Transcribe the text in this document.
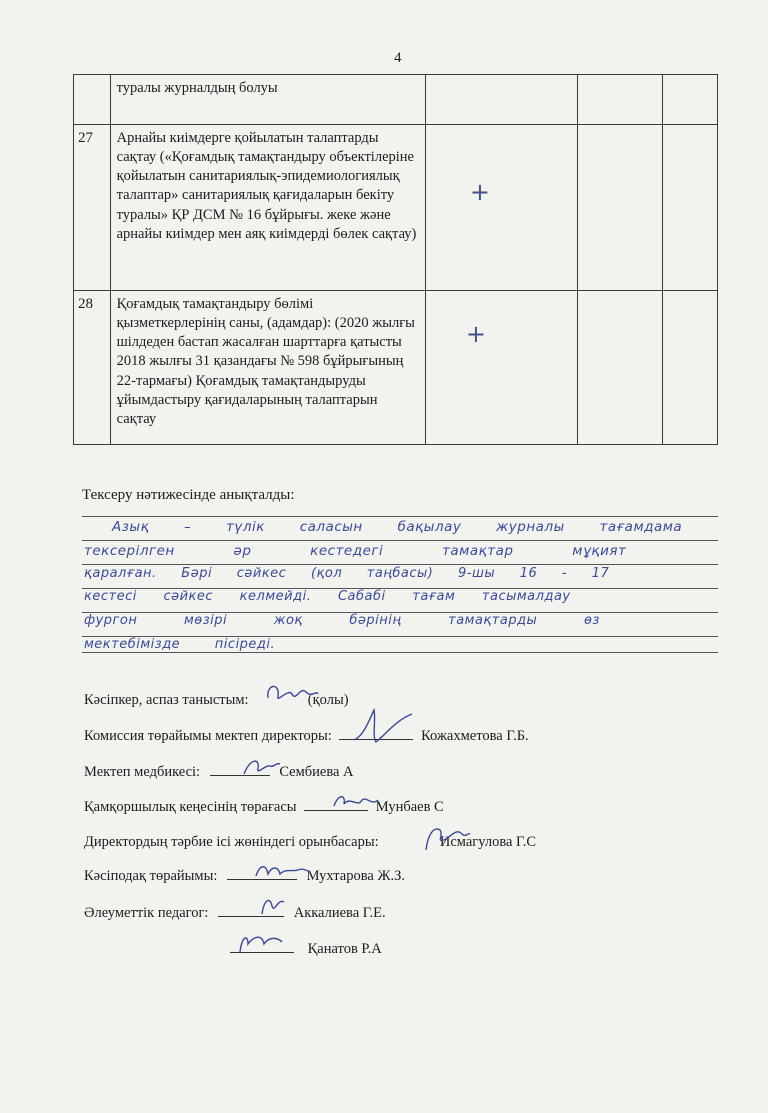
4
	туралы журналдың болуы			
27	Арнайы киімдерге қойылатын талаптарды сақтау («Қоғамдық тамақтандыру объектілеріне қойылатын санитариялық-эпидемиологиялық талаптар» санитариялық қағидаларын бекіту туралы» ҚР ДСМ № 16 бұйрығы. жеке және арнайы киімдер мен аяқ киімдерді бөлек сақтау)	+		
28	Қоғамдық тамақтандыру бөлімі қызметкерлерінің саны, (адамдар): (2020 жылғы шілдеден бастап жасалған шарттарға қатысты 2018 жылғы 31 қазандағы № 598 бұйрығының 22-тармағы) Қоғамдық тамақтандыруды ұйымдастыру қағидаларының талаптарын сақтау	+		
Тексеру нәтижесінде анықталды:
Азық – түлік саласын бақылау журналы тағамдама
тексерілген әр кестедегі тамақтар мұқият
қаралған. Бәрі сәйкес (қол таңбасы) 9-шы 16 - 17
кестесі сәйкес келмейді. Сабабі тағам тасымалдау
фургон мөзірі жоқ бәрінің тамақтарды өз
мектебімізде пісіреді.
Кәсіпкер, аспаз таныстым:	(қолы)
Комиссия төрайымы мектеп директоры:	Кожахметова Г.Б.
Мектеп медбикесі:	Сембиева А
Қамқоршылық кеңесінің төрағасы	Мунбаев С
Директордың тәрбие ісі жөніндегі орынбасары:	Исмагулова Г.С
Кәсіподақ төрайымы:	Мухтарова Ж.З.
Әлеуметтік педагог:	Аккалиева Г.Е.
Қанатов Р.А
